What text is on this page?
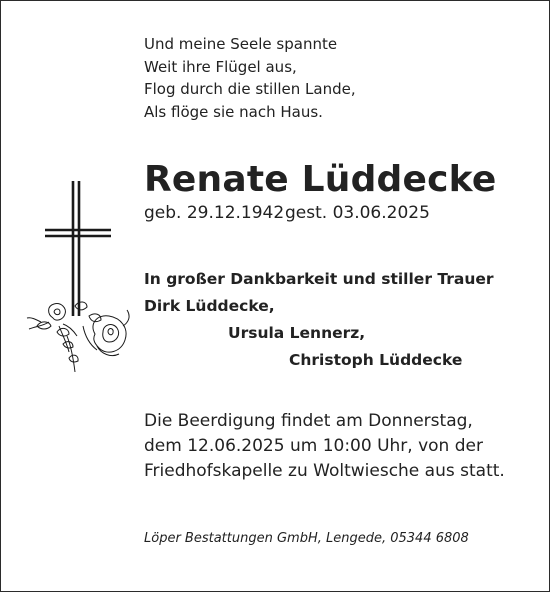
Und meine Seele spannte
Weit ihre Flügel aus,
Flog durch die stillen Lande,
Als flöge sie nach Haus.
Renate Lüddecke
geb. 29.12.1942 gest. 03.06.2025
In großer Dankbarkeit und stiller Trauer
Dirk Lüddecke,
Ursula Lennerz,
Christoph Lüddecke
Die Beerdigung findet am Donnerstag,
dem 12.06.2025 um 10:00 Uhr, von der
Friedhofskapelle zu Woltwiesche aus statt.
Löper Bestattungen GmbH, Lengede, 05344 6808
